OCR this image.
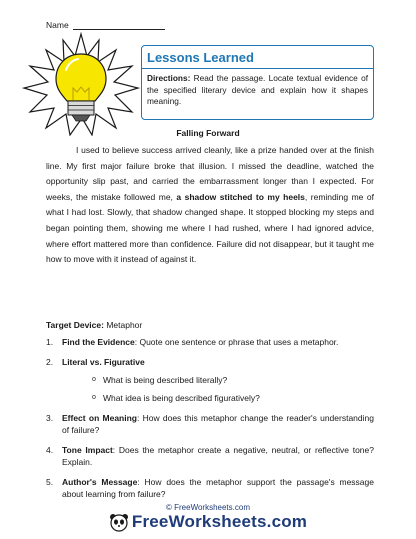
Name
Lessons Learned
Directions: Read the passage. Locate textual evidence of the specified literary device and explain how it shapes meaning.
Falling Forward

I used to believe success arrived cleanly, like a prize handed over at the finish line. My first major failure broke that illusion. I missed the deadline, watched the opportunity slip past, and carried the embarrassment longer than I expected. For weeks, the mistake followed me, a shadow stitched to my heels, reminding me of what I had lost. Slowly, that shadow changed shape. It stopped blocking my steps and began pointing them, showing me where I had rushed, where I had ignored advice, where effort mattered more than confidence. Failure did not disappear, but it taught me how to move with it instead of against it.

Target Device: Metaphor
1. Find the Evidence: Quote one sentence or phrase that uses a metaphor.
2. Literal vs. Figurative
o What is being described literally?
o What idea is being described figuratively?
3. Effect on Meaning: How does this metaphor change the reader's understanding of failure?
4. Tone Impact: Does the metaphor create a negative, neutral, or reflective tone? Explain.
5. Author's Message: How does the metaphor support the passage's message about learning from failure?
© FreeWorksheets.com
FreeWorksheets.com
